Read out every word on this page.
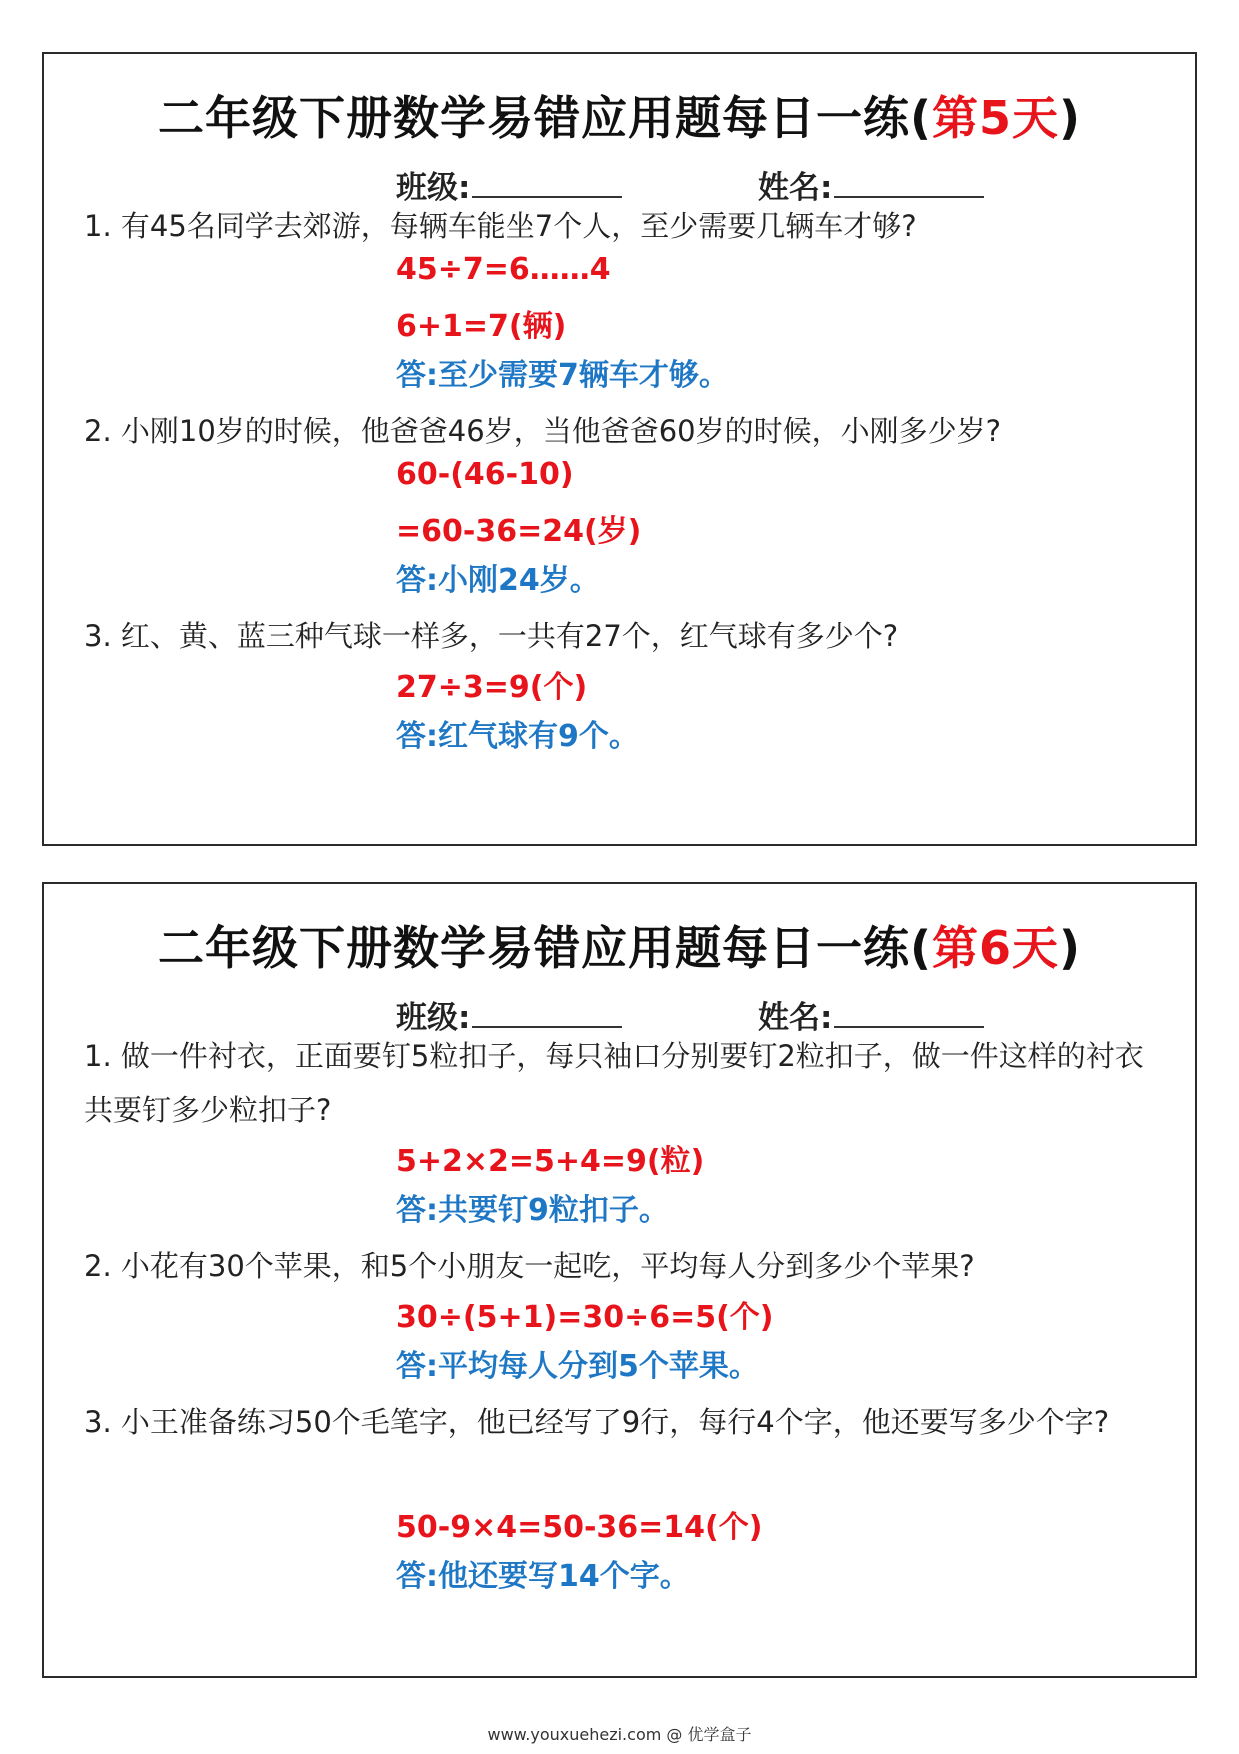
二年级下册数学易错应用题每日一练(第5天)
班级:	姓名:
1. 有45名同学去郊游，每辆车能坐7个人，至少需要几辆车才够?
45÷7=6……4
6+1=7(辆)
答:至少需要7辆车才够。
2. 小刚10岁的时候，他爸爸46岁，当他爸爸60岁的时候，小刚多少岁?
60-(46-10)
=60-36=24(岁)
答:小刚24岁。
3. 红、黄、蓝三种气球一样多，一共有27个，红气球有多少个?
27÷3=9(个)
答:红气球有9个。
二年级下册数学易错应用题每日一练(第6天)
班级:	姓名:
1. 做一件衬衣，正面要钉5粒扣子，每只袖口分别要钉2粒扣子，做一件这样的衬衣共要钉多少粒扣子?
5+2×2=5+4=9(粒)
答:共要钉9粒扣子。
2. 小花有30个苹果，和5个小朋友一起吃，平均每人分到多少个苹果?
30÷(5+1)=30÷6=5(个)
答:平均每人分到5个苹果。
3. 小王准备练习50个毛笔字，他已经写了9行，每行4个字，他还要写多少个字?
50-9×4=50-36=14(个)
答:他还要写14个字。
www.youxuehezi.com @ 优学盒子
